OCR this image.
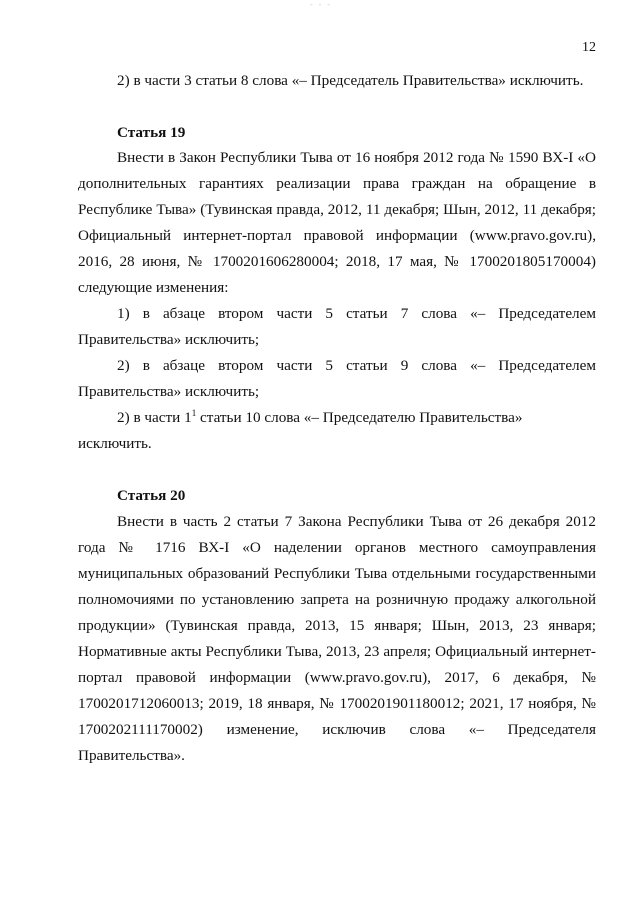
- - -
12
2) в части 3 статьи 8 слова «– Председатель Правительства» исключить.
Статья 19
Внести в Закон Республики Тыва от 16 ноября 2012 года № 1590 ВХ-I «О
дополнительных гарантиях реализации права граждан на обращение в
Республике Тыва» (Тувинская правда, 2012, 11 декабря; Шын, 2012, 11 декабря;
Официальный интернет-портал правовой информации (www.pravo.gov.ru),
2016, 28 июня, № 1700201606280004; 2018, 17 мая, № 1700201805170004)
следующие изменения:
1) в абзаце втором части 5 статьи 7 слова «– Председателем
Правительства» исключить;
2) в абзаце втором части 5 статьи 9 слова «– Председателем
Правительства» исключить;
2) в части $1^1$ статьи 10 слова «– Председателю Правительства»
исключить.
Статья 20
Внести в часть 2 статьи 7 Закона Республики Тыва от 26 декабря 2012
года № 1716 ВХ-I «О наделении органов местного самоуправления
муниципальных образований Республики Тыва отдельными государственными
полномочиями по установлению запрета на розничную продажу алкогольной
продукции» (Тувинская правда, 2013, 15 января; Шын, 2013, 23 января;
Нормативные акты Республики Тыва, 2013, 23 апреля; Официальный интернет-
портал правовой информации (www.pravo.gov.ru), 2017, 6 декабря, №
1700201712060013; 2019, 18 января, № 1700201901180012; 2021, 17 ноября, №
1700202111170002) изменение, исключив слова «– Председателя
Правительства».
